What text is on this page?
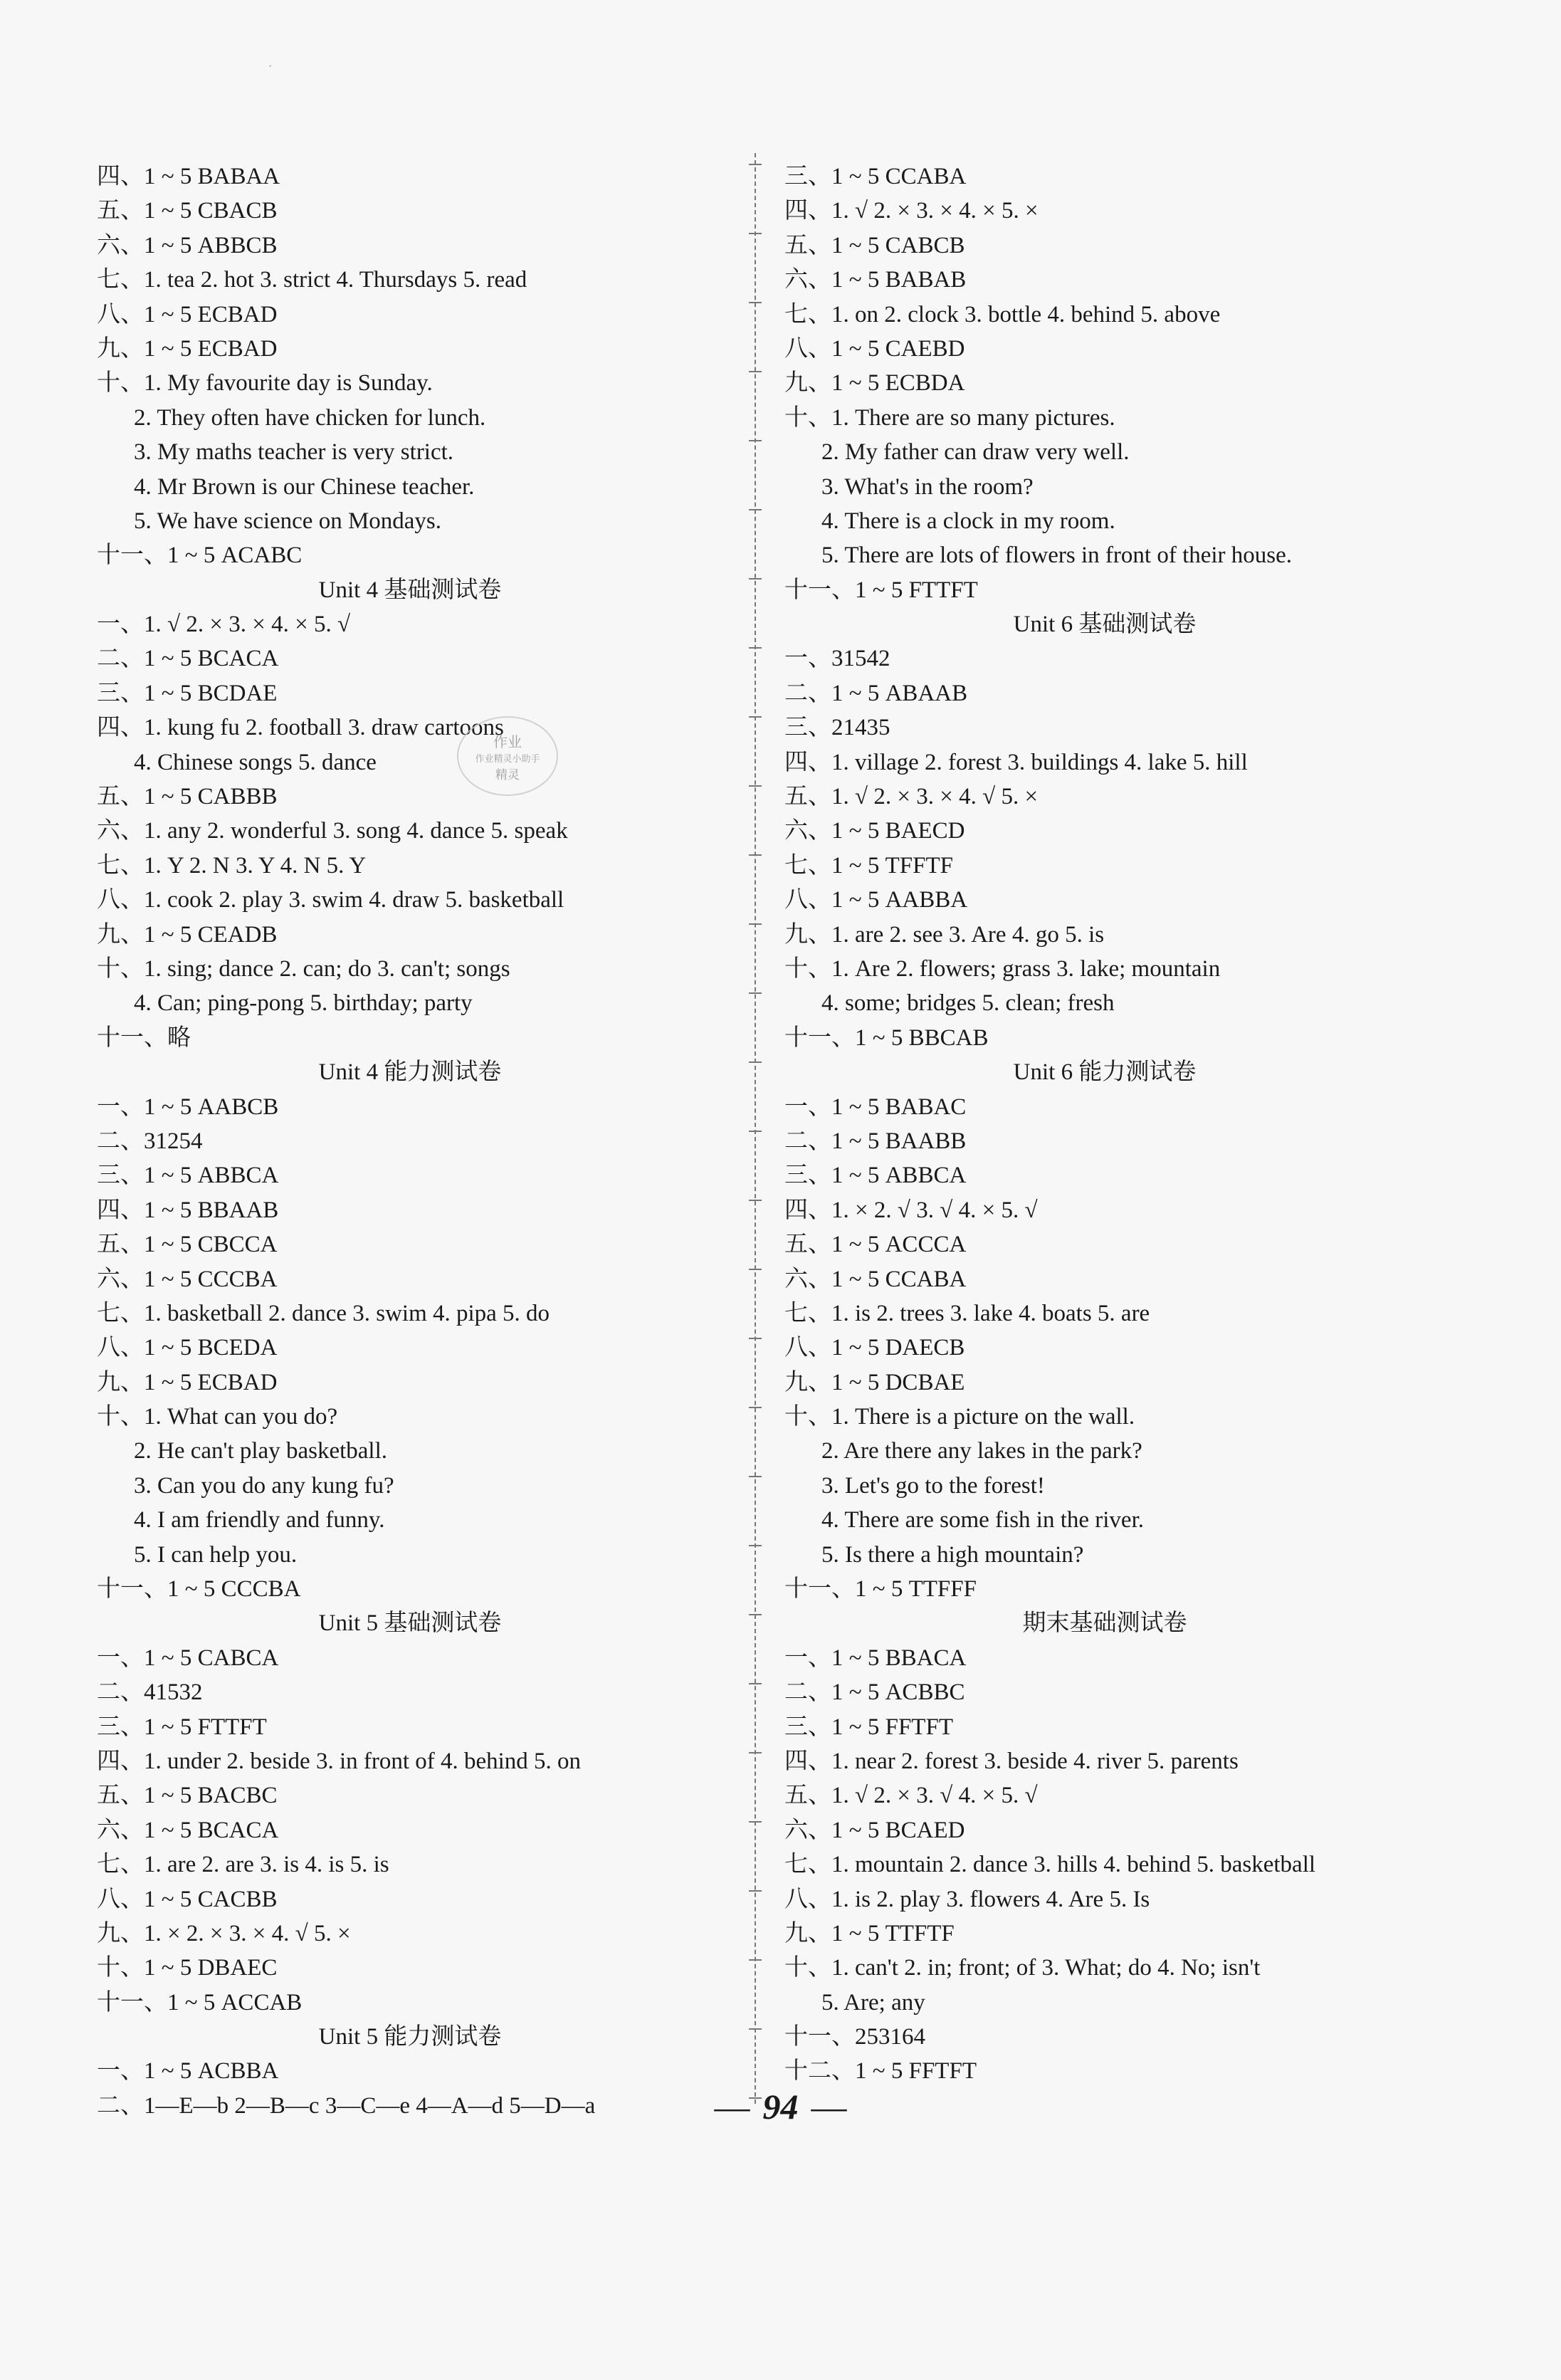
·
四、1 ~ 5 BABAA
五、1 ~ 5 CBACB
六、1 ~ 5 ABBCB
七、1. tea 2. hot 3. strict 4. Thursdays 5. read
八、1 ~ 5 ECBAD
九、1 ~ 5 ECBAD
十、1. My favourite day is Sunday.
2. They often have chicken for lunch.
3. My maths teacher is very strict.
4. Mr Brown is our Chinese teacher.
5. We have science on Mondays.
十一、1 ~ 5 ACABC
Unit 4 基础测试卷
一、1. √ 2. × 3. × 4. × 5. √
二、1 ~ 5 BCACA
三、1 ~ 5 BCDAE
四、1. kung fu 2. football 3. draw cartoons
4. Chinese songs 5. dance
五、1 ~ 5 CABBB
六、1. any 2. wonderful 3. song 4. dance 5. speak
七、1. Y 2. N 3. Y 4. N 5. Y
八、1. cook 2. play 3. swim 4. draw 5. basketball
九、1 ~ 5 CEADB
十、1. sing; dance 2. can; do 3. can't; songs
4. Can; ping-pong 5. birthday; party
十一、略
Unit 4 能力测试卷
一、1 ~ 5 AABCB
二、31254
三、1 ~ 5 ABBCA
四、1 ~ 5 BBAAB
五、1 ~ 5 CBCCA
六、1 ~ 5 CCCBA
七、1. basketball 2. dance 3. swim 4. pipa 5. do
八、1 ~ 5 BCEDA
九、1 ~ 5 ECBAD
十、1. What can you do?
2. He can't play basketball.
3. Can you do any kung fu?
4. I am friendly and funny.
5. I can help you.
十一、1 ~ 5 CCCBA
Unit 5 基础测试卷
一、1 ~ 5 CABCA
二、41532
三、1 ~ 5 FTTFT
四、1. under 2. beside 3. in front of 4. behind 5. on
五、1 ~ 5 BACBC
六、1 ~ 5 BCACA
七、1. are 2. are 3. is 4. is 5. is
八、1 ~ 5 CACBB
九、1. × 2. × 3. × 4. √ 5. ×
十、1 ~ 5 DBAEC
十一、1 ~ 5 ACCAB
Unit 5 能力测试卷
一、1 ~ 5 ACBBA
二、1—E—b 2—B—c 3—C—e 4—A—d 5—D—a
三、1 ~ 5 CCABA
四、1. √ 2. × 3. × 4. × 5. ×
五、1 ~ 5 CABCB
六、1 ~ 5 BABAB
七、1. on 2. clock 3. bottle 4. behind 5. above
八、1 ~ 5 CAEBD
九、1 ~ 5 ECBDA
十、1. There are so many pictures.
2. My father can draw very well.
3. What's in the room?
4. There is a clock in my room.
5. There are lots of flowers in front of their house.
十一、1 ~ 5 FTTFT
Unit 6 基础测试卷
一、31542
二、1 ~ 5 ABAAB
三、21435
四、1. village 2. forest 3. buildings 4. lake 5. hill
五、1. √ 2. × 3. × 4. √ 5. ×
六、1 ~ 5 BAECD
七、1 ~ 5 TFFTF
八、1 ~ 5 AABBA
九、1. are 2. see 3. Are 4. go 5. is
十、1. Are 2. flowers; grass 3. lake; mountain
4. some; bridges 5. clean; fresh
十一、1 ~ 5 BBCAB
Unit 6 能力测试卷
一、1 ~ 5 BABAC
二、1 ~ 5 BAABB
三、1 ~ 5 ABBCA
四、1. × 2. √ 3. √ 4. × 5. √
五、1 ~ 5 ACCCA
六、1 ~ 5 CCABA
七、1. is 2. trees 3. lake 4. boats 5. are
八、1 ~ 5 DAECB
九、1 ~ 5 DCBAE
十、1. There is a picture on the wall.
2. Are there any lakes in the park?
3. Let's go to the forest!
4. There are some fish in the river.
5. Is there a high mountain?
十一、1 ~ 5 TTFFF
期末基础测试卷
一、1 ~ 5 BBACA
二、1 ~ 5 ACBBC
三、1 ~ 5 FFTFT
四、1. near 2. forest 3. beside 4. river 5. parents
五、1. √ 2. × 3. √ 4. × 5. √
六、1 ~ 5 BCAED
七、1. mountain 2. dance 3. hills 4. behind 5. basketball
八、1. is 2. play 3. flowers 4. Are 5. Is
九、1 ~ 5 TTFTF
十、1. can't 2. in; front; of 3. What; do 4. No; isn't
5. Are; any
十一、253164
十二、1 ~ 5 FFTFT
作业
作业精灵小助手
精灵
— 94 —
